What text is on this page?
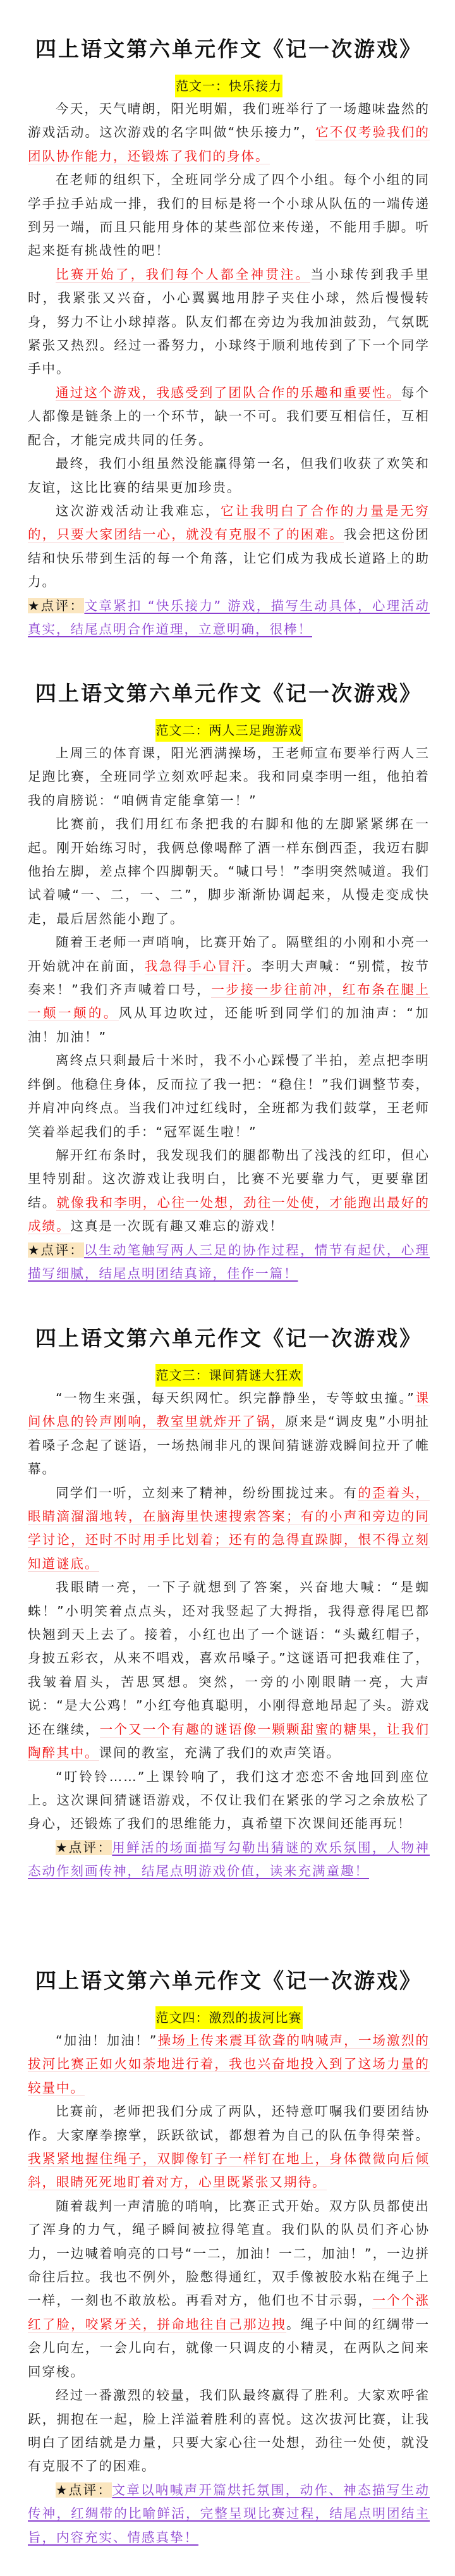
四上语文第六单元作文《记一次游戏》
范文一：快乐接力

今天，天气晴朗，阳光明媚，我们班举行了一场趣味盎然的游戏活动。这次游戏的名字叫做“快乐接力”，它不仅考验我们的团队协作能力，还锻炼了我们的身体。

在老师的组织下，全班同学分成了四个小组。每个小组的同学手拉手站成一排，我们的目标是将一个小球从队伍的一端传递到另一端，而且只能用身体的某些部位来传递，不能用手脚。听起来挺有挑战性的吧！

比赛开始了，我们每个人都全神贯注。当小球传到我手里时，我紧张又兴奋，小心翼翼地用脖子夹住小球，然后慢慢转身，努力不让小球掉落。队友们都在旁边为我加油鼓劲，气氛既紧张又热烈。经过一番努力，小球终于顺利地传到了下一个同学手中。

通过这个游戏，我感受到了团队合作的乐趣和重要性。每个人都像是链条上的一个环节，缺一不可。我们要互相信任，互相配合，才能完成共同的任务。

最终，我们小组虽然没能赢得第一名，但我们收获了欢笑和友谊，这比比赛的结果更加珍贵。

这次游戏活动让我难忘，它让我明白了合作的力量是无穷的，只要大家团结一心，就没有克服不了的困难。我会把这份团结和快乐带到生活的每一个角落，让它们成为我成长道路上的助力。

★点评：文章紧扣 “快乐接力” 游戏，描写生动具体，心理活动真实，结尾点明合作道理，立意明确，很棒！

四上语文第六单元作文《记一次游戏》
范文二：两人三足跑游戏

上周三的体育课，阳光洒满操场，王老师宣布要举行两人三足跑比赛，全班同学立刻欢呼起来。我和同桌李明一组，他拍着我的肩膀说：“咱俩肯定能拿第一！”

比赛前，我们用红布条把我的右脚和他的左脚紧紧绑在一起。刚开始练习时，我俩总像喝醉了酒一样东倒西歪，我迈右脚他抬左脚，差点摔个四脚朝天。“喊口号！”李明突然喊道。我们试着喊“一、二，一、二”，脚步渐渐协调起来，从慢走变成快走，最后居然能小跑了。

随着王老师一声哨响，比赛开始了。隔壁组的小刚和小亮一开始就冲在前面，我急得手心冒汗。李明大声喊：“别慌，按节奏来！”我们齐声喊着口号，一步接一步往前冲，红布条在腿上一颠一颠的。风从耳边吹过，还能听到同学们的加油声：“加油！加油！”

离终点只剩最后十米时，我不小心踩慢了半拍，差点把李明绊倒。他稳住身体，反而拉了我一把：“稳住！”我们调整节奏，并肩冲向终点。当我们冲过红线时，全班都为我们鼓掌，王老师笑着举起我们的手：“冠军诞生啦！”

解开红布条时，我发现我们的腿都勒出了浅浅的红印，但心里特别甜。这次游戏让我明白，比赛不光要靠力气，更要靠团结。就像我和李明，心往一处想，劲往一处使，才能跑出最好的成绩。这真是一次既有趣又难忘的游戏！

★点评：以生动笔触写两人三足的协作过程，情节有起伏，心理描写细腻，结尾点明团结真谛，佳作一篇！

四上语文第六单元作文《记一次游戏》
范文三：课间猜谜大狂欢

“一物生来强，每天织网忙。织完静静坐，专等蚊虫撞。”课间休息的铃声刚响，教室里就炸开了锅，原来是“调皮鬼”小明扯着嗓子念起了谜语，一场热闹非凡的课间猜谜游戏瞬间拉开了帷幕。

同学们一听，立刻来了精神，纷纷围拢过来。有的歪着头，眼睛滴溜溜地转，在脑海里快速搜索答案；有的小声和旁边的同学讨论，还时不时用手比划着；还有的急得直跺脚，恨不得立刻知道谜底。

我眼睛一亮，一下子就想到了答案，兴奋地大喊：“是蜘蛛！”小明笑着点点头，还对我竖起了大拇指，我得意得尾巴都快翘到天上去了。接着，小红也出了一个谜语：“头戴红帽子，身披五彩衣，从来不唱戏，喜欢吊嗓子。”这谜语可把我难住了，我皱着眉头，苦思冥想。突然，一旁的小刚眼睛一亮，大声说：“是大公鸡！”小红夸他真聪明，小刚得意地昂起了头。游戏还在继续，一个又一个有趣的谜语像一颗颗甜蜜的糖果，让我们陶醉其中。课间的教室，充满了我们的欢声笑语。

“叮铃铃……”上课铃响了，我们这才恋恋不舍地回到座位上。这次课间猜谜语游戏，不仅让我们在紧张的学习之余放松了身心，还锻炼了我们的思维能力，真希望下次课间还能再玩！

★点评：用鲜活的场面描写勾勒出猜谜的欢乐氛围，人物神态动作刻画传神，结尾点明游戏价值，读来充满童趣！

四上语文第六单元作文《记一次游戏》
范文四：激烈的拔河比赛

“加油！加油！”操场上传来震耳欲聋的呐喊声，一场激烈的拔河比赛正如火如荼地进行着，我也兴奋地投入到了这场力量的较量中。

比赛前，老师把我们分成了两队，还特意叮嘱我们要团结协作。大家摩拳擦掌，跃跃欲试，都想着为自己的队伍争得荣誉。我紧紧地握住绳子，双脚像钉子一样钉在地上，身体微微向后倾斜，眼睛死死地盯着对方，心里既紧张又期待。

随着裁判一声清脆的哨响，比赛正式开始。双方队员都使出了浑身的力气，绳子瞬间被拉得笔直。我们队的队员们齐心协力，一边喊着响亮的口号“一二，加油！一二，加油！”，一边拼命往后拉。我也不例外，脸憋得通红，双手像被胶水粘在绳子上一样，一刻也不敢放松。再看对方，他们也不甘示弱，一个个涨红了脸，咬紧牙关，拼命地往自己那边拽。绳子中间的红绸带一会儿向左，一会儿向右，就像一只调皮的小精灵，在两队之间来回穿梭。

经过一番激烈的较量，我们队最终赢得了胜利。大家欢呼雀跃，拥抱在一起，脸上洋溢着胜利的喜悦。这次拔河比赛，让我明白了团结就是力量，只要大家心往一处想，劲往一处使，就没有克服不了的困难。

★点评：文章以呐喊声开篇烘托氛围，动作、神态描写生动传神，红绸带的比喻鲜活，完整呈现比赛过程，结尾点明团结主旨，内容充实、情感真挚！
